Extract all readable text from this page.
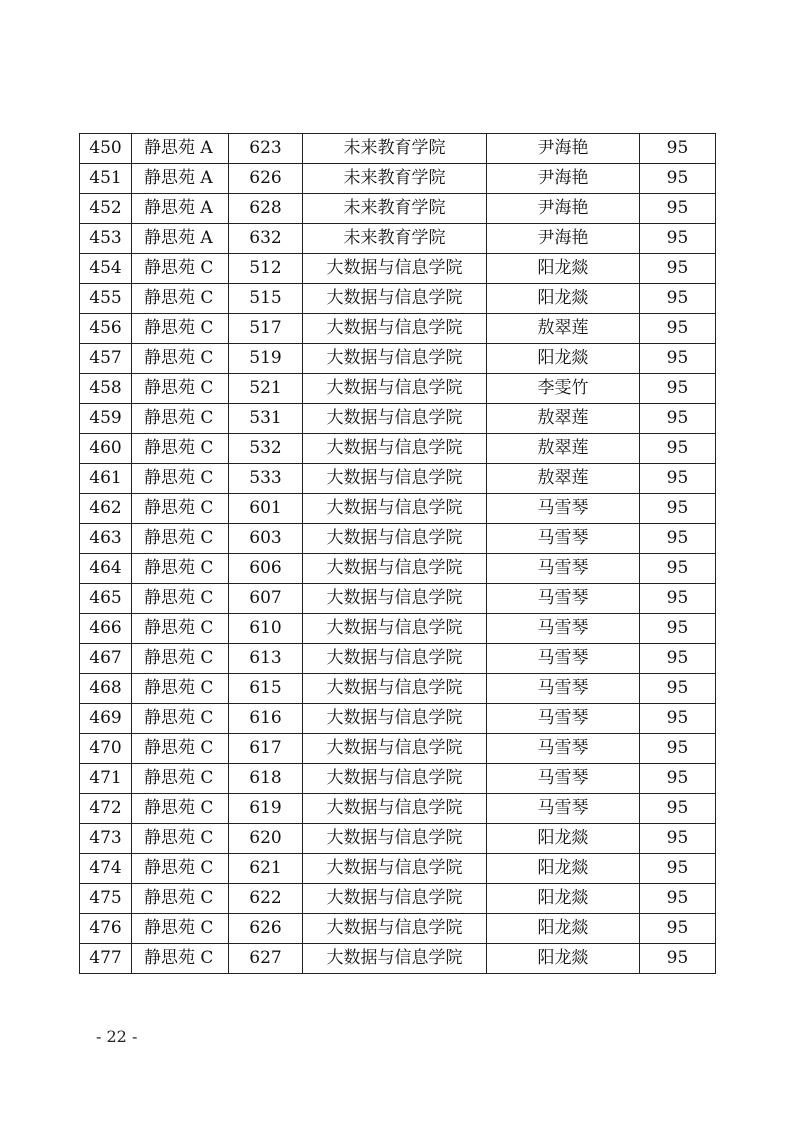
450	静思苑 A	623	未来教育学院	尹海艳	95
451	静思苑 A	626	未来教育学院	尹海艳	95
452	静思苑 A	628	未来教育学院	尹海艳	95
453	静思苑 A	632	未来教育学院	尹海艳	95
454	静思苑 C	512	大数据与信息学院	阳龙燚	95
455	静思苑 C	515	大数据与信息学院	阳龙燚	95
456	静思苑 C	517	大数据与信息学院	敖翠莲	95
457	静思苑 C	519	大数据与信息学院	阳龙燚	95
458	静思苑 C	521	大数据与信息学院	李雯竹	95
459	静思苑 C	531	大数据与信息学院	敖翠莲	95
460	静思苑 C	532	大数据与信息学院	敖翠莲	95
461	静思苑 C	533	大数据与信息学院	敖翠莲	95
462	静思苑 C	601	大数据与信息学院	马雪琴	95
463	静思苑 C	603	大数据与信息学院	马雪琴	95
464	静思苑 C	606	大数据与信息学院	马雪琴	95
465	静思苑 C	607	大数据与信息学院	马雪琴	95
466	静思苑 C	610	大数据与信息学院	马雪琴	95
467	静思苑 C	613	大数据与信息学院	马雪琴	95
468	静思苑 C	615	大数据与信息学院	马雪琴	95
469	静思苑 C	616	大数据与信息学院	马雪琴	95
470	静思苑 C	617	大数据与信息学院	马雪琴	95
471	静思苑 C	618	大数据与信息学院	马雪琴	95
472	静思苑 C	619	大数据与信息学院	马雪琴	95
473	静思苑 C	620	大数据与信息学院	阳龙燚	95
474	静思苑 C	621	大数据与信息学院	阳龙燚	95
475	静思苑 C	622	大数据与信息学院	阳龙燚	95
476	静思苑 C	626	大数据与信息学院	阳龙燚	95
477	静思苑 C	627	大数据与信息学院	阳龙燚	95
- 22 -
